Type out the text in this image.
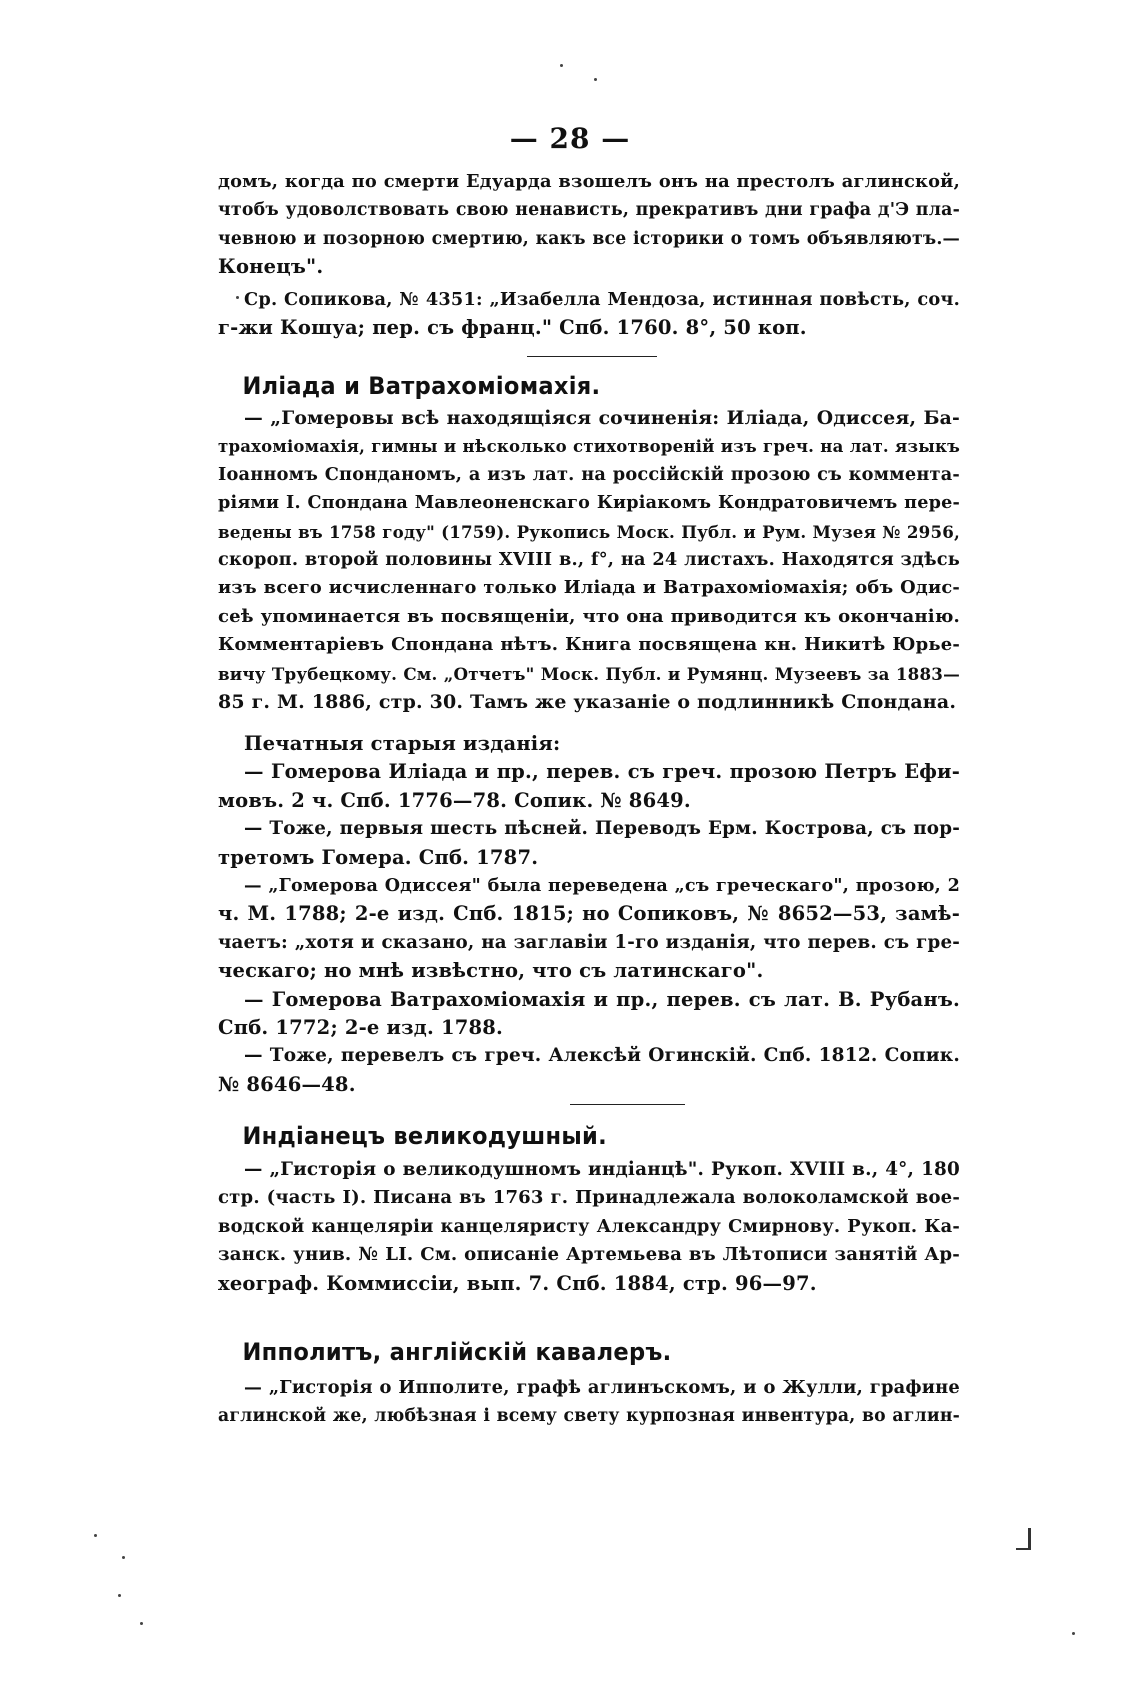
— 28 —
домъ, когда по смерти Едуарда взошелъ онъ на престолъ аглинской,
чтобъ удоволствовать свою ненависть, прекративъ дни графа д'Э пла-
чевною и позорною смертию, какъ все історики о томъ объявляютъ.—
Конецъ".
Ср. Сопикова, № 4351: „Изабелла Мендоза, истинная повѣсть, соч.
г-жи Кошуа; пер. съ франц." Спб. 1760. 8°, 50 коп.
Иліада и Ватрахоміомахія.
— „Гомеровы всѣ находящіяся сочиненія: Иліада, Одиссея, Ба-
трахоміомахія, гимны и нѣсколько стихотвореній изъ греч. на лат. языкъ
Іоанномъ Спонданомъ, а изъ лат. на россійскій прозою съ коммента-
ріями І. Спондана Мавлеоненскаго Киріакомъ Кондратовичемъ пере-
ведены въ 1758 году" (1759). Рукопись Моск. Публ. и Рум. Музея № 2956,
скороп. второй половины XVIII в., f°, на 24 листахъ. Находятся здѣсь
изъ всего исчисленнаго только Иліада и Ватрахоміомахія; объ Одис-
сеѣ упоминается въ посвященіи, что она приводится къ окончанію.
Комментаріевъ Спондана нѣтъ. Книга посвящена кн. Никитѣ Юрье-
вичу Трубецкому. См. „Отчетъ" Моск. Публ. и Румянц. Музеевъ за 1883—
85 г. М. 1886, стр. 30. Тамъ же указаніе о подлинникѣ Спондана.
Печатныя старыя изданія:
— Гомерова Иліада и пр., перев. съ греч. прозою Петръ Ефи-
мовъ. 2 ч. Спб. 1776—78. Сопик. № 8649.
— Тоже, первыя шесть пѣсней. Переводъ Ерм. Кострова, съ пор-
третомъ Гомера. Спб. 1787.
— „Гомерова Одиссея" была переведена „съ греческаго", прозою, 2
ч. М. 1788; 2-е изд. Спб. 1815; но Сопиковъ, № 8652—53, замѣ-
чаетъ: „хотя и сказано, на заглавіи 1-го изданія, что перев. съ гре-
ческаго; но мнѣ извѣстно, что съ латинскаго".
— Гомерова Ватрахоміомахія и пр., перев. съ лат. В. Рубанъ.
Спб. 1772; 2-е изд. 1788.
— Тоже, перевелъ съ греч. Алексѣй Огинскій. Спб. 1812. Сопик.
№ 8646—48.
Индіанецъ великодушный.
— „Гисторія о великодушномъ индіанцѣ". Рукоп. XVIII в., 4°, 180
стр. (часть I). Писана въ 1763 г. Принадлежала волоколамской вое-
водской канцеляріи канцеляристу Александру Смирнову. Рукоп. Ка-
занск. унив. № LI. См. описаніе Артемьева въ Лѣтописи занятій Ар-
хеограф. Коммиссіи, вып. 7. Спб. 1884, стр. 96—97.
Ипполитъ, англійскій кавалеръ.
— „Гисторія о Ипполите, графѣ аглинъскомъ, и о Жулли, графине
аглинской же, любѣзная і всему свету курпозная инвентура, во аглин-
